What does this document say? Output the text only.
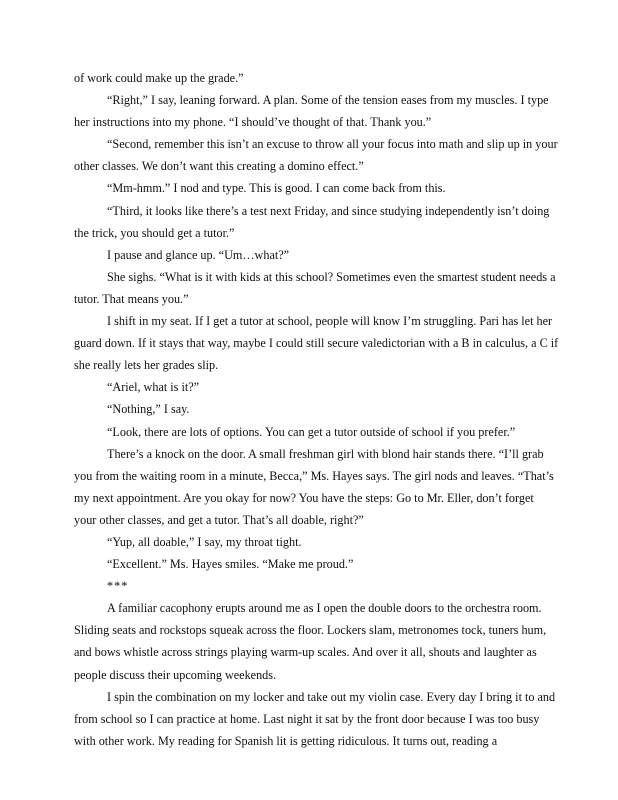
of work could make up the grade.”

“Right,” I say, leaning forward. A plan. Some of the tension eases from my muscles. I type her instructions into my phone. “I should’ve thought of that. Thank you.”

“Second, remember this isn’t an excuse to throw all your focus into math and slip up in your other classes. We don’t want this creating a domino effect.”

“Mm-hmm.” I nod and type. This is good. I can come back from this.

“Third, it looks like there’s a test next Friday, and since studying independently isn’t doing the trick, you should get a tutor.”

I pause and glance up. “Um…what?”

She sighs. “What is it with kids at this school? Sometimes even the smartest student needs a tutor. That means you.”

I shift in my seat. If I get a tutor at school, people will know I’m struggling. Pari has let her guard down. If it stays that way, maybe I could still secure valedictorian with a B in calculus, a C if she really lets her grades slip.

“Ariel, what is it?”

“Nothing,” I say.

“Look, there are lots of options. You can get a tutor outside of school if you prefer.”

There’s a knock on the door. A small freshman girl with blond hair stands there. “I’ll grab you from the waiting room in a minute, Becca,” Ms. Hayes says. The girl nods and leaves. “That’s my next appointment. Are you okay for now? You have the steps: Go to Mr. Eller, don’t forget your other classes, and get a tutor. That’s all doable, right?”

“Yup, all doable,” I say, my throat tight.

“Excellent.” Ms. Hayes smiles. “Make me proud.”

***

A familiar cacophony erupts around me as I open the double doors to the orchestra room. Sliding seats and rockstops squeak across the floor. Lockers slam, metronomes tock, tuners hum, and bows whistle across strings playing warm-up scales. And over it all, shouts and laughter as people discuss their upcoming weekends.

I spin the combination on my locker and take out my violin case. Every day I bring it to and from school so I can practice at home. Last night it sat by the front door because I was too busy with other work. My reading for Spanish lit is getting ridiculous. It turns out, reading a
